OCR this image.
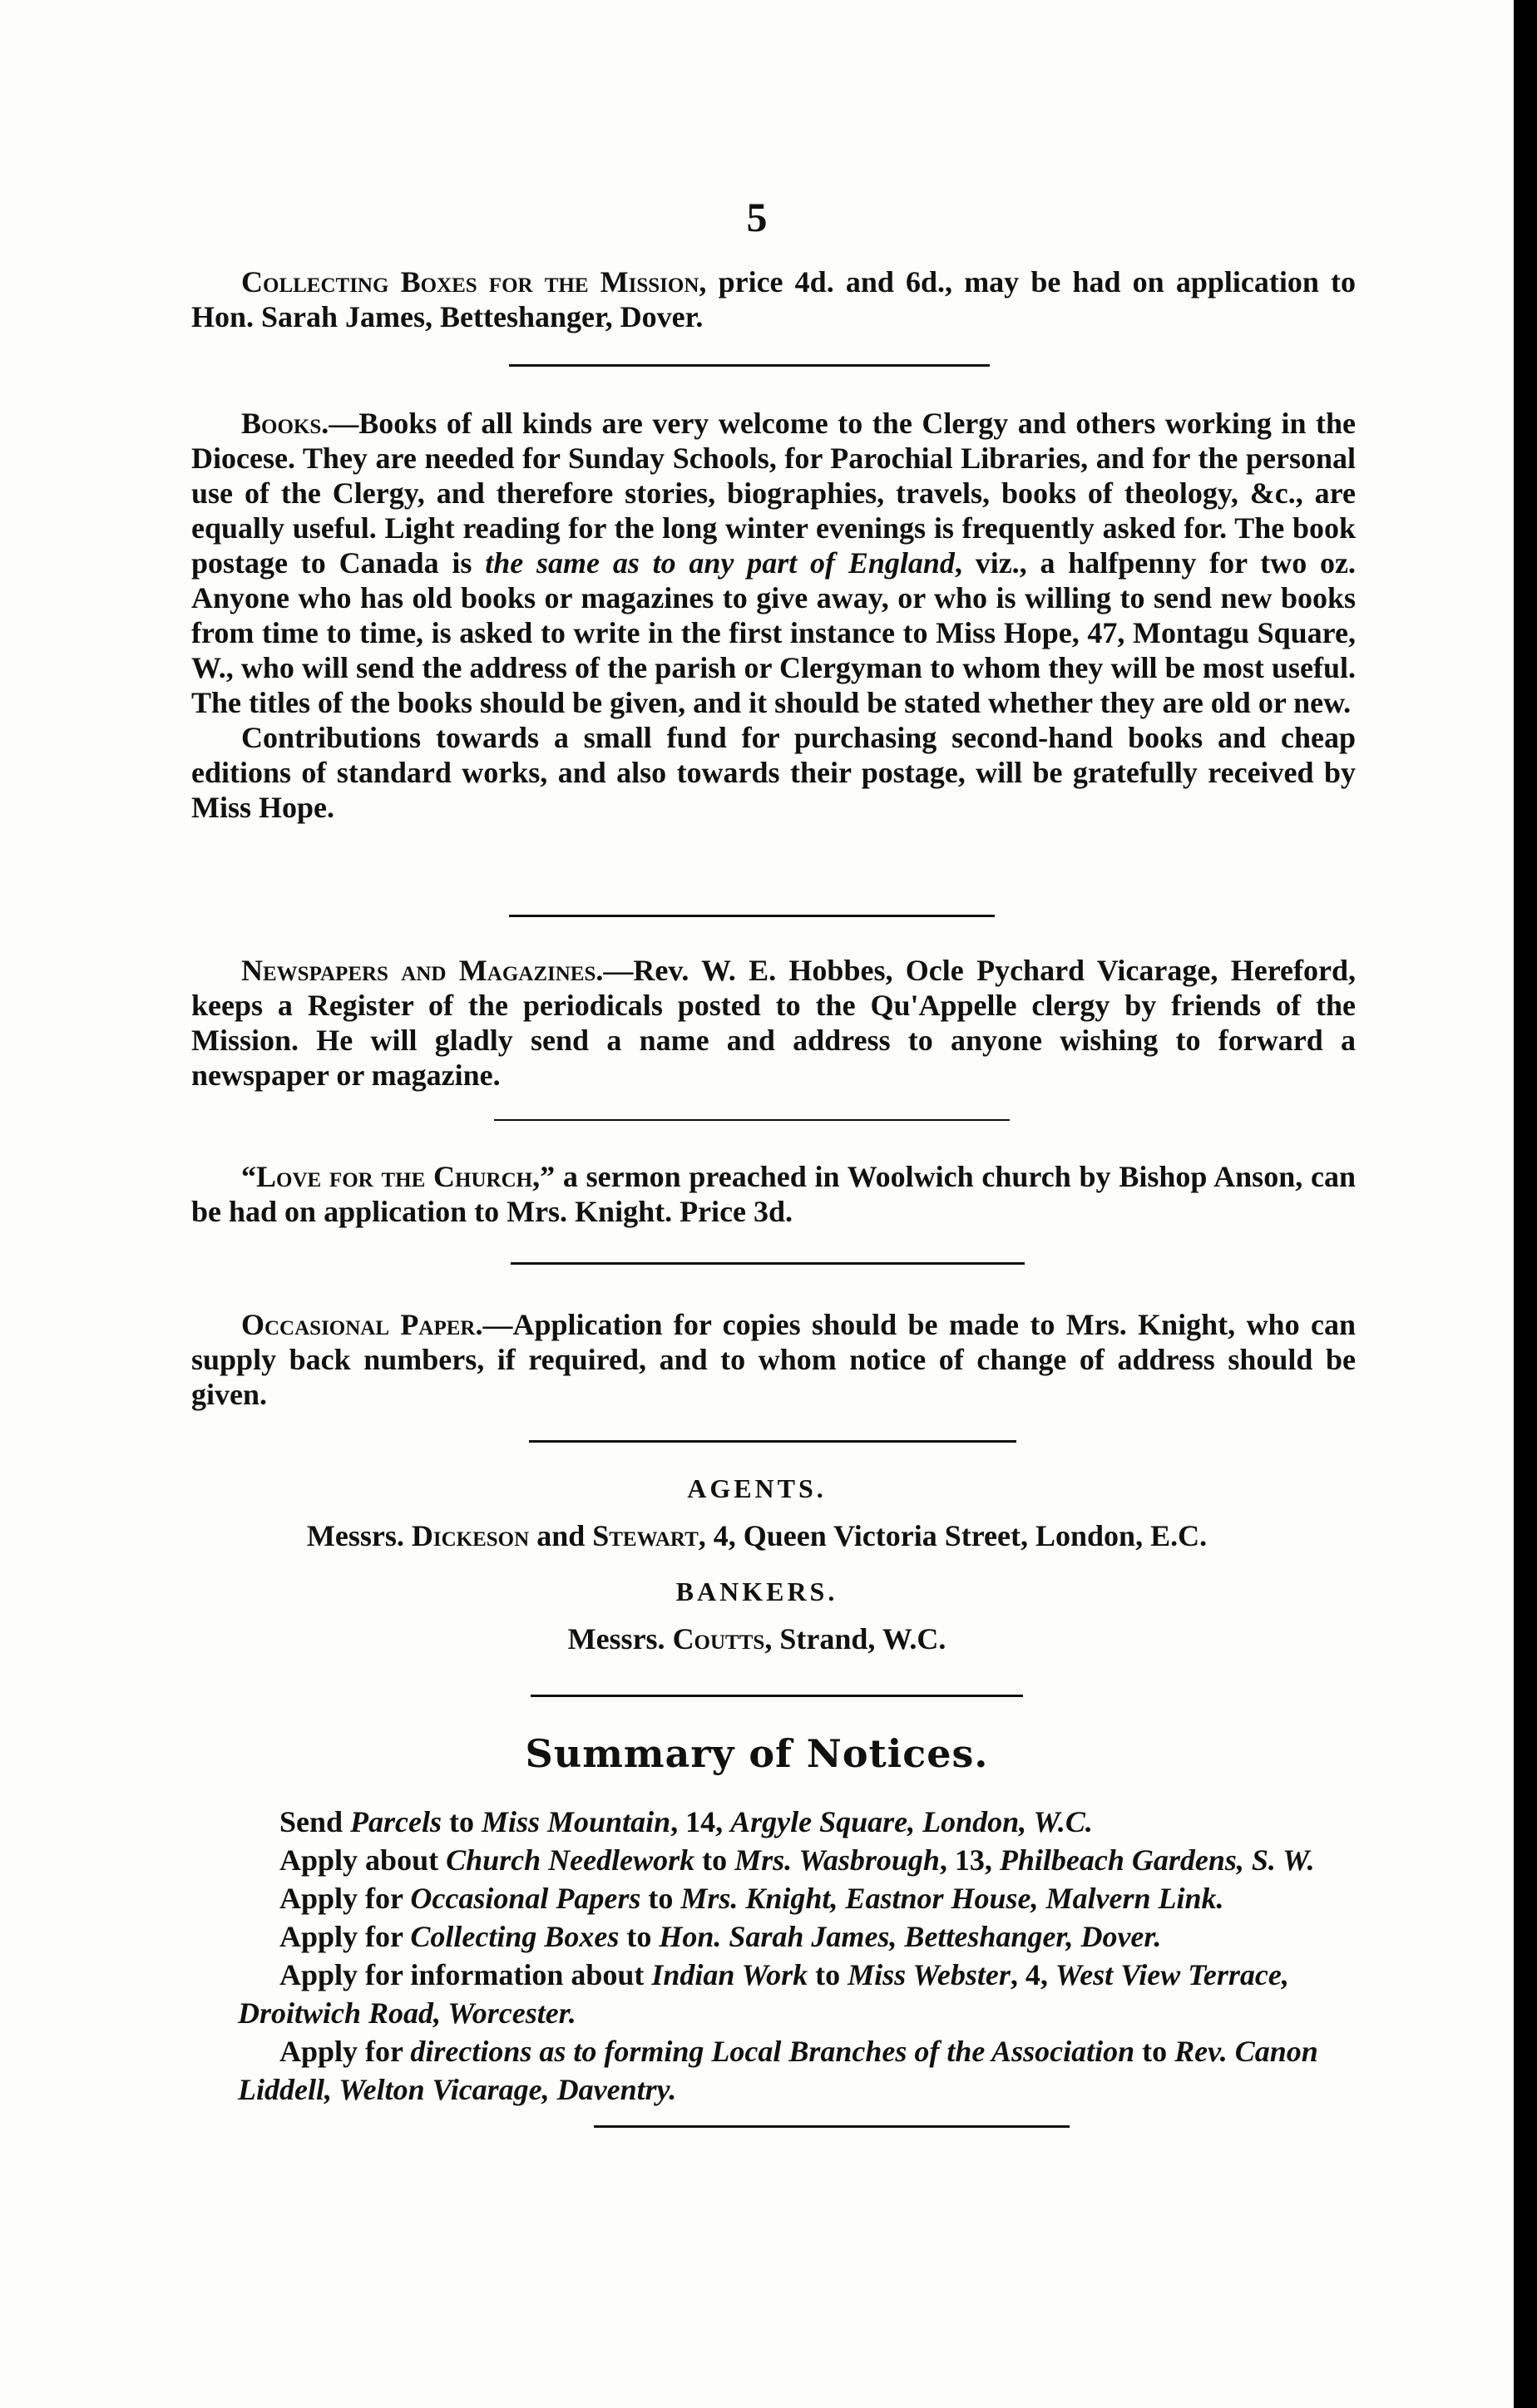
5

Collecting Boxes for the Mission, price 4d. and 6d., may be had on application to Hon. Sarah James, Betteshanger, Dover.

Books.—Books of all kinds are very welcome to the Clergy and others working in the Diocese. They are needed for Sunday Schools, for Parochial Libraries, and for the personal use of the Clergy, and therefore stories, biographies, travels, books of theology, &c., are equally useful. Light reading for the long winter evenings is frequently asked for. The book postage to Canada is the same as to any part of England, viz., a halfpenny for two oz. Anyone who has old books or magazines to give away, or who is willing to send new books from time to time, is asked to write in the first instance to Miss Hope, 47, Montagu Square, W., who will send the address of the parish or Clergyman to whom they will be most useful. The titles of the books should be given, and it should be stated whether they are old or new.

Contributions towards a small fund for purchasing second-hand books and cheap editions of standard works, and also towards their postage, will be gratefully received by Miss Hope.

Newspapers and Magazines.—Rev. W. E. Hobbes, Ocle Pychard Vicarage, Hereford, keeps a Register of the periodicals posted to the Qu'Appelle clergy by friends of the Mission. He will gladly send a name and address to anyone wishing to forward a newspaper or magazine.

“Love for the Church,” a sermon preached in Woolwich church by Bishop Anson, can be had on application to Mrs. Knight. Price 3d.

Occasional Paper.—Application for copies should be made to Mrs. Knight, who can supply back numbers, if required, and to whom notice of change of address should be given.

AGENTS.
Messrs. Dickeson and Stewart, 4, Queen Victoria Street, London, E.C.
BANKERS.
Messrs. Coutts, Strand, W.C.
Summary of Notices.

Send Parcels to Miss Mountain, 14, Argyle Square, London, W.C.

Apply about Church Needlework to Mrs. Wasbrough, 13, Philbeach Gardens, S. W.

Apply for Occasional Papers to Mrs. Knight, Eastnor House, Malvern Link.

Apply for Collecting Boxes to Hon. Sarah James, Betteshanger, Dover.

Apply for information about Indian Work to Miss Webster, 4, West View Terrace, Droitwich Road, Worcester.

Apply for directions as to forming Local Branches of the Association to Rev. Canon Liddell, Welton Vicarage, Daventry.
